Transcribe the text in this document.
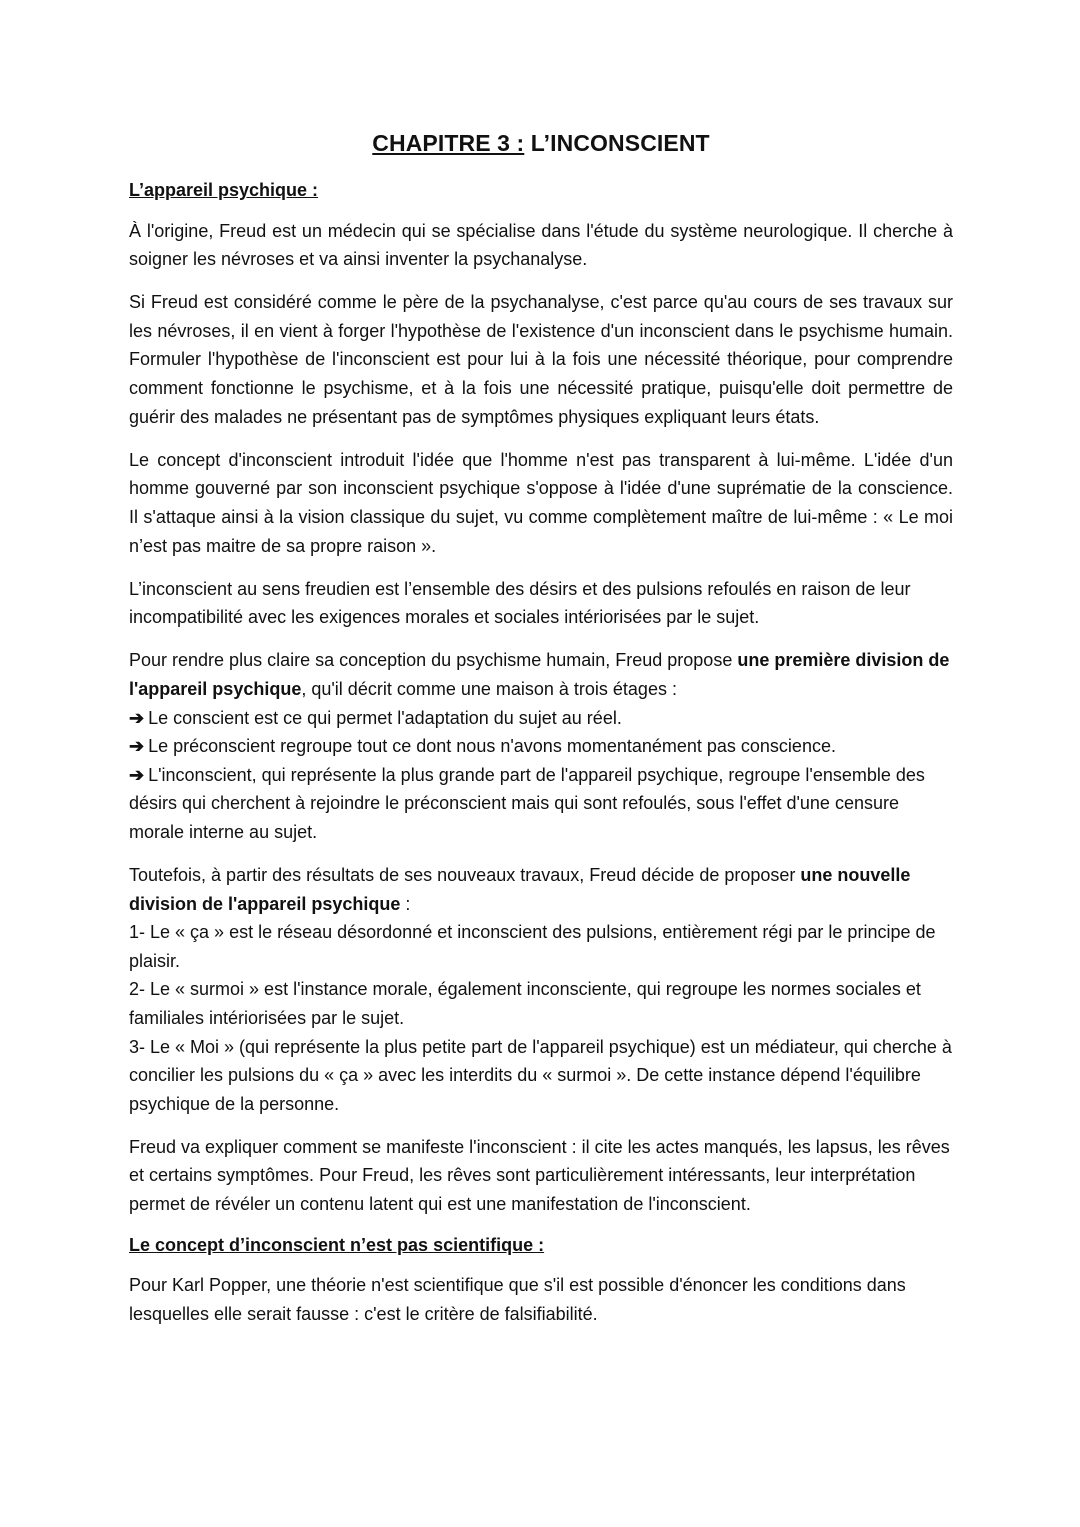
CHAPITRE 3 : L’INCONSCIENT
L’appareil psychique :

À l'origine, Freud est un médecin qui se spécialise dans l'étude du système neurologique. Il cherche à soigner les névroses et va ainsi inventer la psychanalyse.

Si Freud est considéré comme le père de la psychanalyse, c'est parce qu'au cours de ses travaux sur les névroses, il en vient à forger l'hypothèse de l'existence d'un inconscient dans le psychisme humain. Formuler l'hypothèse de l'inconscient est pour lui à la fois une nécessité théorique, pour comprendre comment fonctionne le psychisme, et à la fois une nécessité pratique, puisqu'elle doit permettre de guérir des malades ne présentant pas de symptômes physiques expliquant leurs états.

Le concept d'inconscient introduit l'idée que l'homme n'est pas transparent à lui-même. L'idée d'un homme gouverné par son inconscient psychique s'oppose à l'idée d'une suprématie de la conscience. Il s'attaque ainsi à la vision classique du sujet, vu comme complètement maître de lui-même : « Le moi n’est pas maitre de sa propre raison ».

L’inconscient au sens freudien est l’ensemble des désirs et des pulsions refoulés en raison de leur incompatibilité avec les exigences morales et sociales intériorisées par le sujet.

Pour rendre plus claire sa conception du psychisme humain, Freud propose une première division de l'appareil psychique, qu'il décrit comme une maison à trois étages :
➔ Le conscient est ce qui permet l'adaptation du sujet au réel.
➔ Le préconscient regroupe tout ce dont nous n'avons momentanément pas conscience.
➔ L'inconscient, qui représente la plus grande part de l'appareil psychique, regroupe l'ensemble des désirs qui cherchent à rejoindre le préconscient mais qui sont refoulés, sous l'effet d'une censure morale interne au sujet.

Toutefois, à partir des résultats de ses nouveaux travaux, Freud décide de proposer une nouvelle division de l'appareil psychique :
1- Le « ça » est le réseau désordonné et inconscient des pulsions, entièrement régi par le principe de plaisir.
2- Le « surmoi » est l'instance morale, également inconsciente, qui regroupe les normes sociales et familiales intériorisées par le sujet.
3- Le « Moi » (qui représente la plus petite part de l'appareil psychique) est un médiateur, qui cherche à concilier les pulsions du « ça » avec les interdits du « surmoi ». De cette instance dépend l'équilibre psychique de la personne.

Freud va expliquer comment se manifeste l'inconscient : il cite les actes manqués, les lapsus, les rêves et certains symptômes. Pour Freud, les rêves sont particulièrement intéressants, leur interprétation permet de révéler un contenu latent qui est une manifestation de l'inconscient.

Le concept d’inconscient n’est pas scientifique :

Pour Karl Popper, une théorie n'est scientifique que s'il est possible d'énoncer les conditions dans lesquelles elle serait fausse : c'est le critère de falsifiabilité.
